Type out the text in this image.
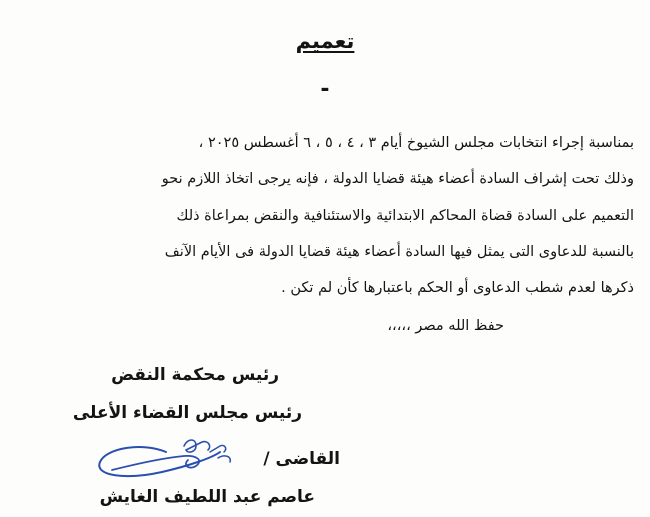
تعميم
-
بمناسبة إجراء انتخابات مجلس الشيوخ أيام ٣ ، ٤ ، ٥ ، ٦ أغسطس ٢٠٢٥ ،
وذلك تحت إشراف السادة أعضاء هيئة قضايا الدولة ، فإنه يرجى اتخاذ اللازم نحو
التعميم على السادة قضاة المحاكم الابتدائية والاستئنافية والنقض بمراعاة ذلك
بالنسبة للدعاوى التى يمثل فيها السادة أعضاء هيئة قضايا الدولة فى الأيام الآنف
ذكرها لعدم شطب الدعاوى أو الحكم باعتبارها كأن لم تكن .
حفظ الله مصر ،،،،،
رئيس محكمة النقض
رئيس مجلس القضاء الأعلى
القاضى /
عاصم عبد اللطيف الغايش
